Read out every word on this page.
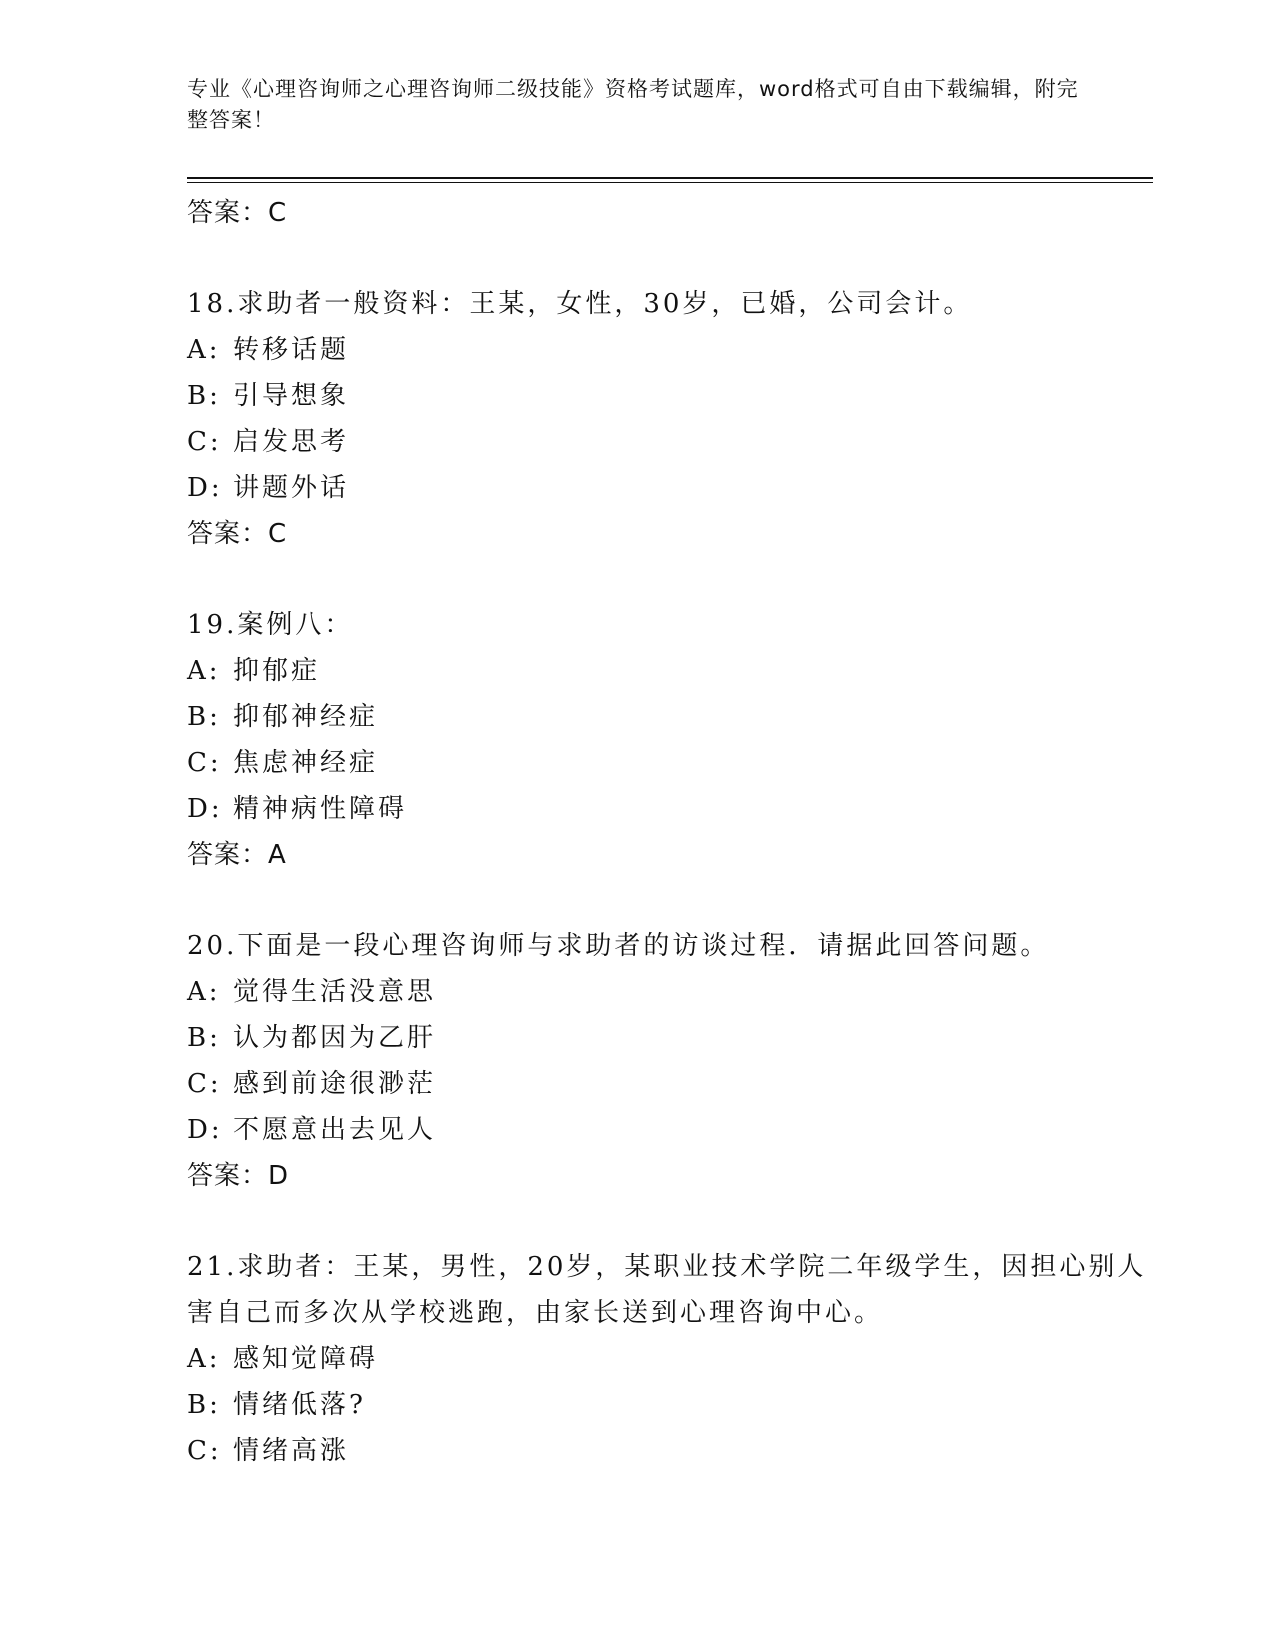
专业《心理咨询师之心理咨询师二级技能》资格考试题库，word格式可自由下载编辑，附完整答案！
答案：C
18.求助者一般资料：王某，女性，30岁，已婚，公司会计。
A: 转移话题
B: 引导想象
C: 启发思考
D: 讲题外话
答案：C
19.案例八：
A: 抑郁症
B: 抑郁神经症
C: 焦虑神经症
D: 精神病性障碍
答案：A
20.下面是一段心理咨询师与求助者的访谈过程．请据此回答问题。
A: 觉得生活没意思
B: 认为都因为乙肝
C: 感到前途很渺茫
D: 不愿意出去见人
答案：D
21.求助者：王某，男性，20岁，某职业技术学院二年级学生，因担心别人害自己而多次从学校逃跑，由家长送到心理咨询中心。
A: 感知觉障碍
B: 情绪低落?
C: 情绪高涨
